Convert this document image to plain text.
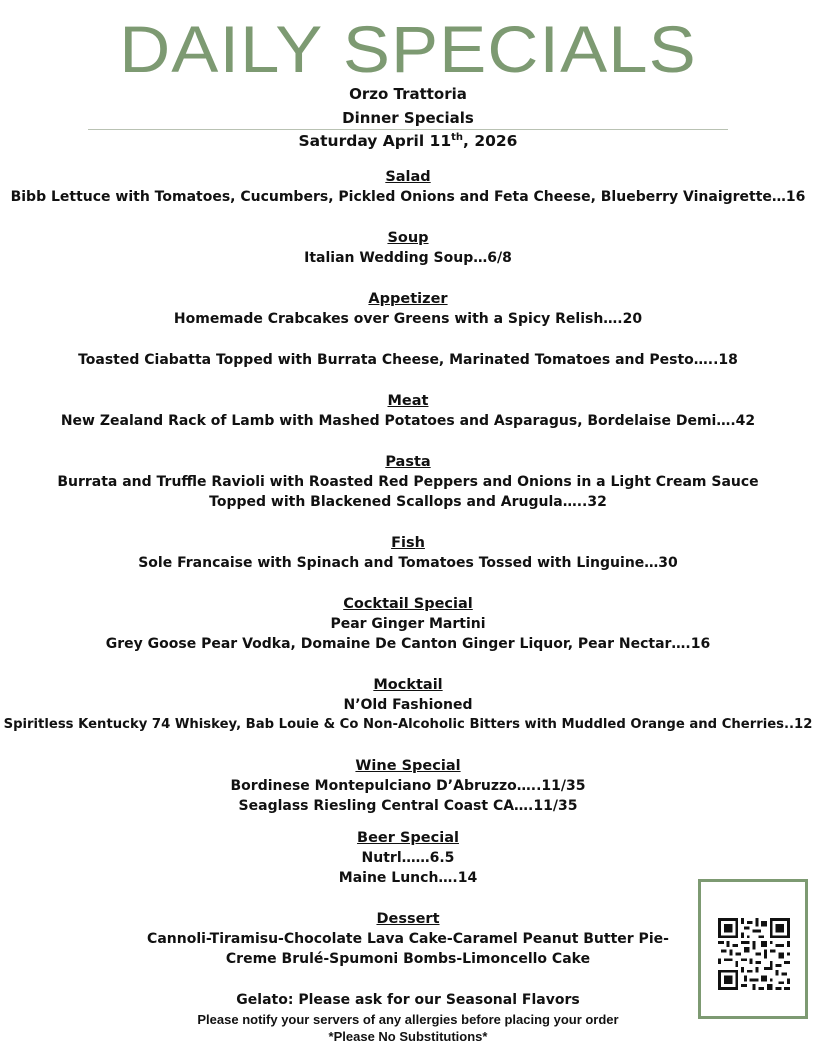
DAILY SPECIALS
Orzo Trattoria
Dinner Specials
Saturday April 11th, 2026
Salad
Bibb Lettuce with Tomatoes, Cucumbers, Pickled Onions and Feta Cheese, Blueberry Vinaigrette…16
Soup
Italian Wedding Soup…6/8
Appetizer
Homemade Crabcakes over Greens with a Spicy Relish….20
Toasted Ciabatta Topped with Burrata Cheese, Marinated Tomatoes and Pesto…..18
Meat
New Zealand Rack of Lamb with Mashed Potatoes and Asparagus, Bordelaise Demi….42
Pasta
Burrata and Truffle Ravioli with Roasted Red Peppers and Onions in a Light Cream Sauce
Topped with Blackened Scallops and Arugula…..32
Fish
Sole Francaise with Spinach and Tomatoes Tossed with Linguine…30
Cocktail Special
Pear Ginger Martini
Grey Goose Pear Vodka, Domaine De Canton Ginger Liquor, Pear Nectar….16
Mocktail
N’Old Fashioned
Spiritless Kentucky 74 Whiskey, Bab Louie & Co Non-Alcoholic Bitters with Muddled Orange and Cherries..12
Wine Special
Bordinese Montepulciano D’Abruzzo…..11/35
Seaglass Riesling Central Coast CA….11/35
Beer Special
Nutrl……6.5
Maine Lunch….14
Dessert
Cannoli-Tiramisu-Chocolate Lava Cake-Caramel Peanut Butter Pie-
Creme Brulé-Spumoni Bombs-Limoncello Cake
Gelato: Please ask for our Seasonal Flavors
Please notify your servers of any allergies before placing your order
*Please No Substitutions*
